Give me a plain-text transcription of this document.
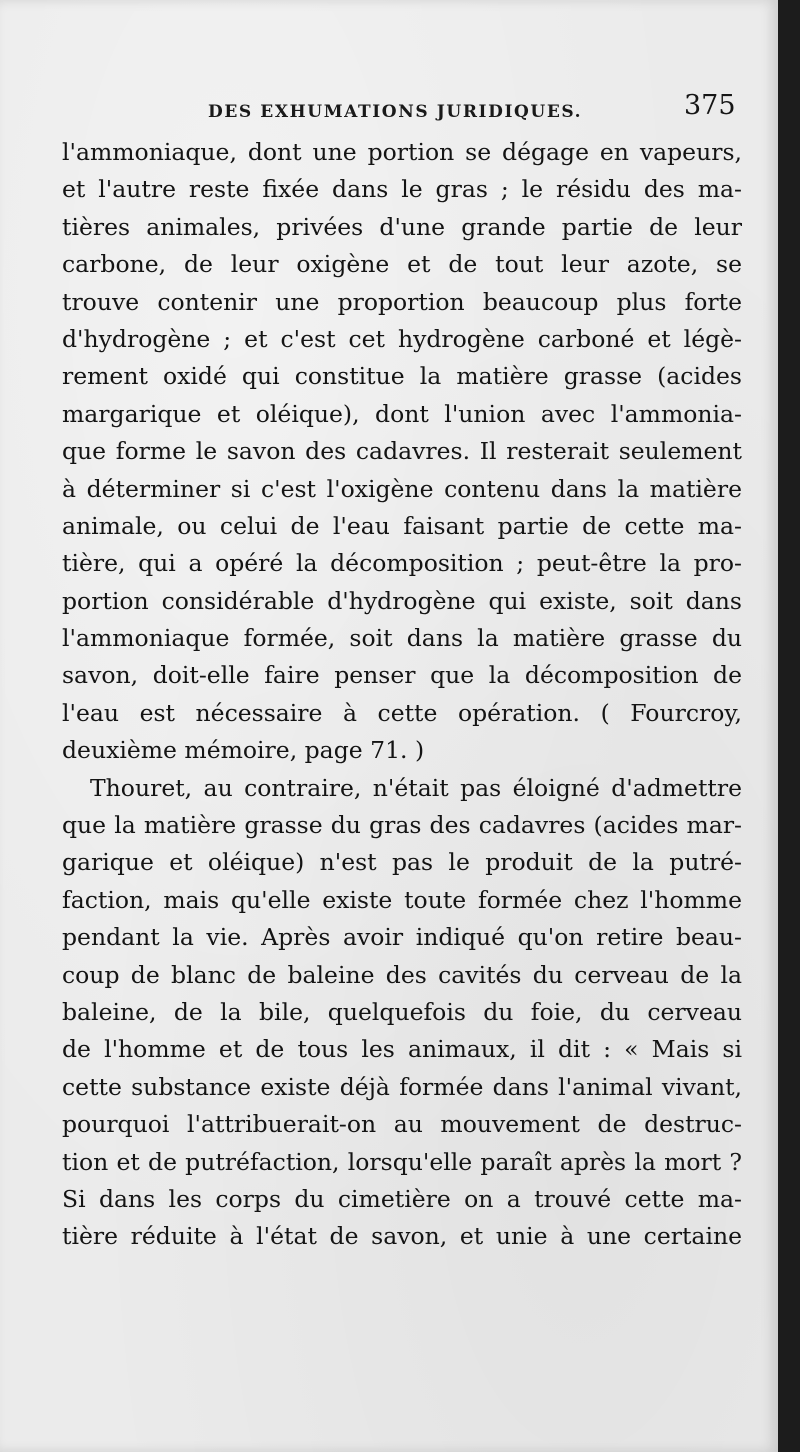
DES EXHUMATIONS JURIDIQUES.	375
l'ammoniaque, dont une portion se dégage en vapeurs,
et l'autre reste fixée dans le gras ; le résidu des ma-
tières animales, privées d'une grande partie de leur
carbone, de leur oxigène et de tout leur azote, se
trouve contenir une proportion beaucoup plus forte
d'hydrogène ; et c'est cet hydrogène carboné et légè-
rement oxidé qui constitue la matière grasse (acides
margarique et oléique), dont l'union avec l'ammonia-
que forme le savon des cadavres. Il resterait seulement
à déterminer si c'est l'oxigène contenu dans la matière
animale, ou celui de l'eau faisant partie de cette ma-
tière, qui a opéré la décomposition ; peut-être la pro-
portion considérable d'hydrogène qui existe, soit dans
l'ammoniaque formée, soit dans la matière grasse du
savon, doit-elle faire penser que la décomposition de
l'eau est nécessaire à cette opération. ( Fourcroy,
deuxième mémoire, page 71. )
Thouret, au contraire, n'était pas éloigné d'admettre
que la matière grasse du gras des cadavres (acides mar-
garique et oléique) n'est pas le produit de la putré-
faction, mais qu'elle existe toute formée chez l'homme
pendant la vie. Après avoir indiqué qu'on retire beau-
coup de blanc de baleine des cavités du cerveau de la
baleine, de la bile, quelquefois du foie, du cerveau
de l'homme et de tous les animaux, il dit : « Mais si
cette substance existe déjà formée dans l'animal vivant,
pourquoi l'attribuerait-on au mouvement de destruc-
tion et de putréfaction, lorsqu'elle paraît après la mort ?
Si dans les corps du cimetière on a trouvé cette ma-
tière réduite à l'état de savon, et unie à une certaine
